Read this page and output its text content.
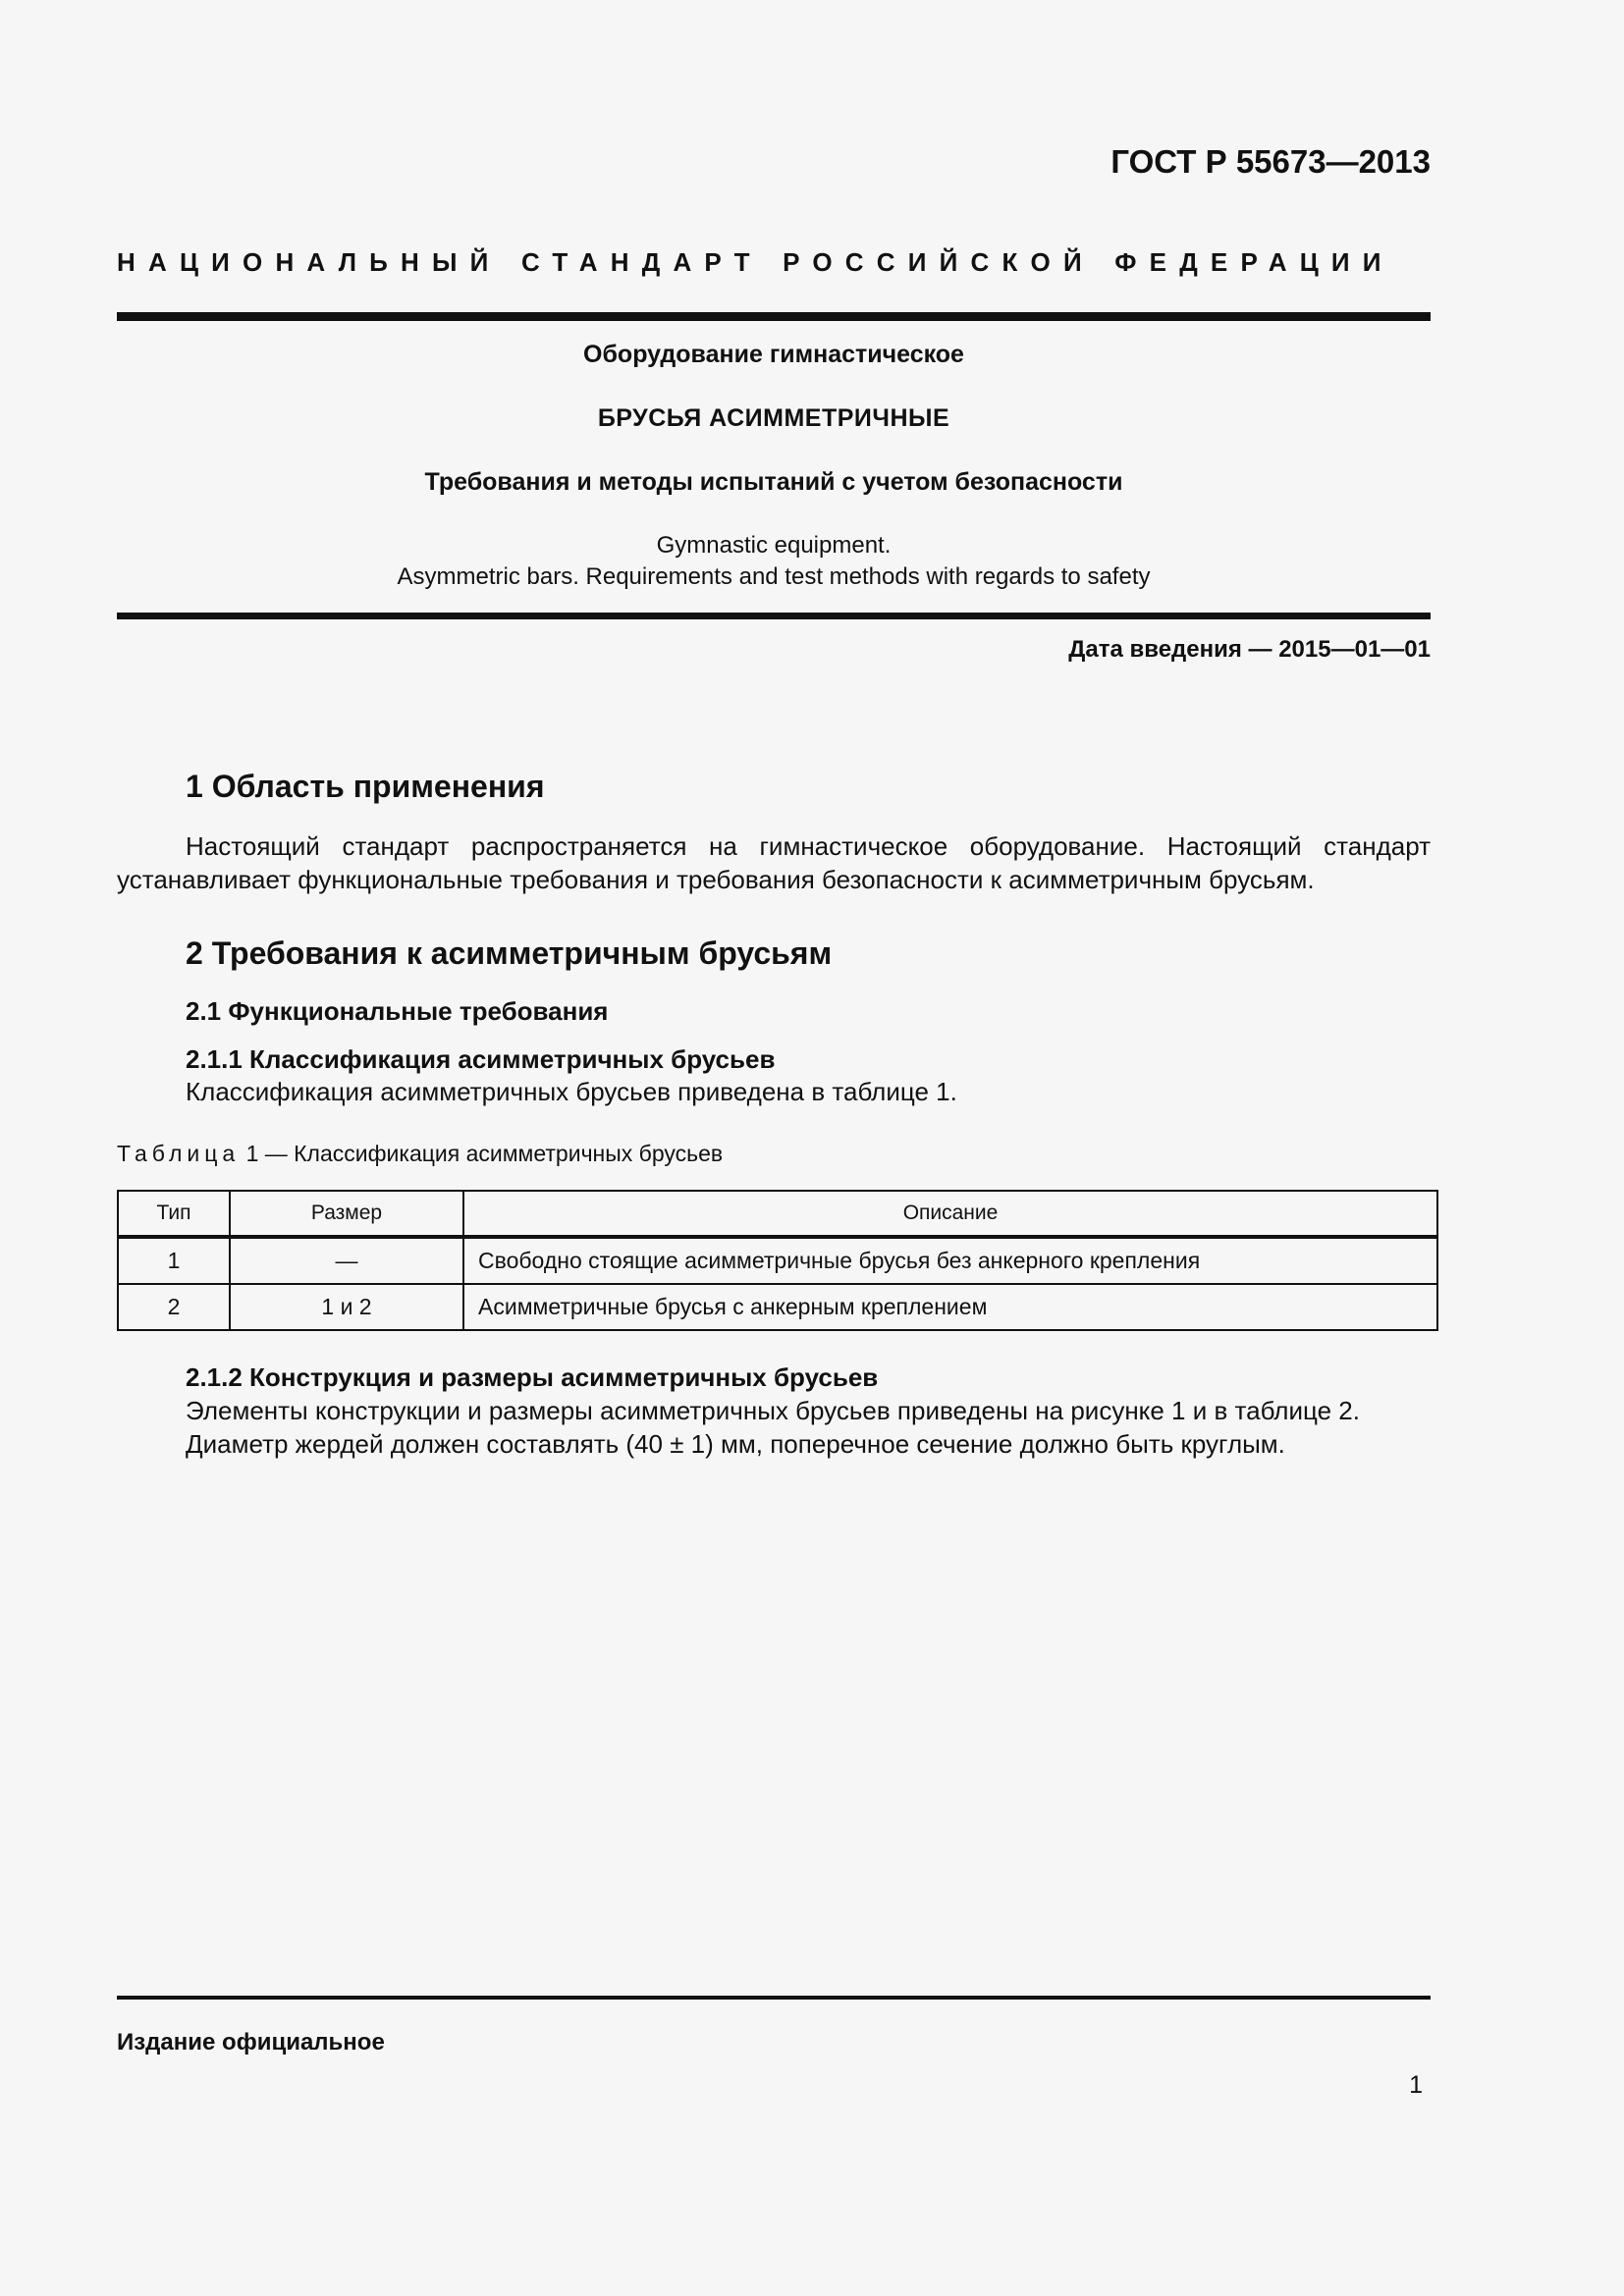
ГОСТ Р 55673—2013
НАЦИОНАЛЬНЫЙ СТАНДАРТ РОССИЙСКОЙ ФЕДЕРАЦИИ
Оборудование гимнастическое
БРУСЬЯ АСИММЕТРИЧНЫЕ
Требования и методы испытаний с учетом безопасности
Gymnastic equipment.
Asymmetric bars. Requirements and test methods with regards to safety
Дата введения — 2015—01—01
1 Область применения
Настоящий стандарт распространяется на гимнастическое оборудование. Настоящий стандарт устанавливает функциональные требования и требования безопасности к асимметричным брусьям.
2 Требования к асимметричным брусьям
2.1 Функциональные требования
2.1.1 Классификация асимметричных брусьев
Классификация асимметричных брусьев приведена в таблице 1.
Таблица 1 — Классификация асимметричных брусьев
Тип	Размер	Описание
1	—	Свободно стоящие асимметричные брусья без анкерного крепления
2	1 и 2	Асимметричные брусья с анкерным креплением
2.1.2 Конструкция и размеры асимметричных брусьев
Элементы конструкции и размеры асимметричных брусьев приведены на рисунке 1 и в таблице 2.
Диаметр жердей должен составлять (40 ± 1) мм, поперечное сечение должно быть круглым.
Издание официальное
1
